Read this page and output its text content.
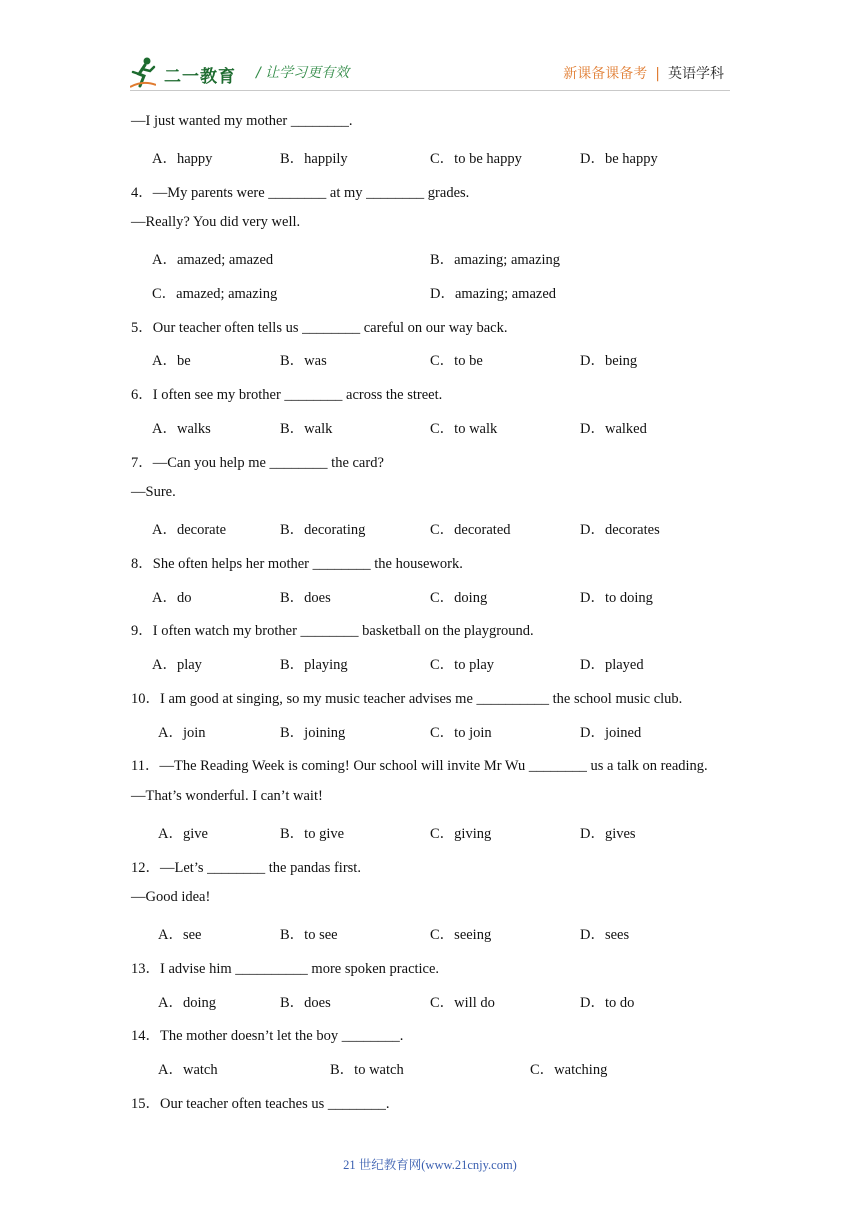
二一教育 / 让学习更有效	新课备课备考 | 英语学科
—I just wanted my mother ________.
A．happy	B．happily	C．to be happy	D．be happy
4．—My parents were ________ at my ________ grades.
—Really? You did very well.
A．amazed; amazed	B．amazing; amazing
C．amazed; amazing	D．amazing; amazed
5．Our teacher often tells us ________ careful on our way back.
A．be	B．was	C．to be	D．being
6．I often see my brother ________ across the street.
A．walks	B．walk	C．to walk	D．walked
7．—Can you help me ________ the card?
—Sure.
A．decorate	B．decorating	C．decorated	D．decorates
8．She often helps her mother ________ the housework.
A．do	B．does	C．doing	D．to doing
9．I often watch my brother ________ basketball on the playground.
A．play	B．playing	C．to play	D．played
10．I am good at singing, so my music teacher advises me __________ the school music club.
A．join	B．joining	C．to join	D．joined
11．—The Reading Week is coming! Our school will invite Mr Wu ________ us a talk on reading.
—That’s wonderful. I can’t wait!
A．give	B．to give	C．giving	D．gives
12．—Let’s ________ the pandas first.
—Good idea!
A．see	B．to see	C．seeing	D．sees
13．I advise him __________ more spoken practice.
A．doing	B．does	C．will do	D．to do
14．The mother doesn’t let the boy ________.
A．watch	B．to watch	C．watching
15．Our teacher often teaches us ________.
21 世纪教育网(www.21cnjy.com)
